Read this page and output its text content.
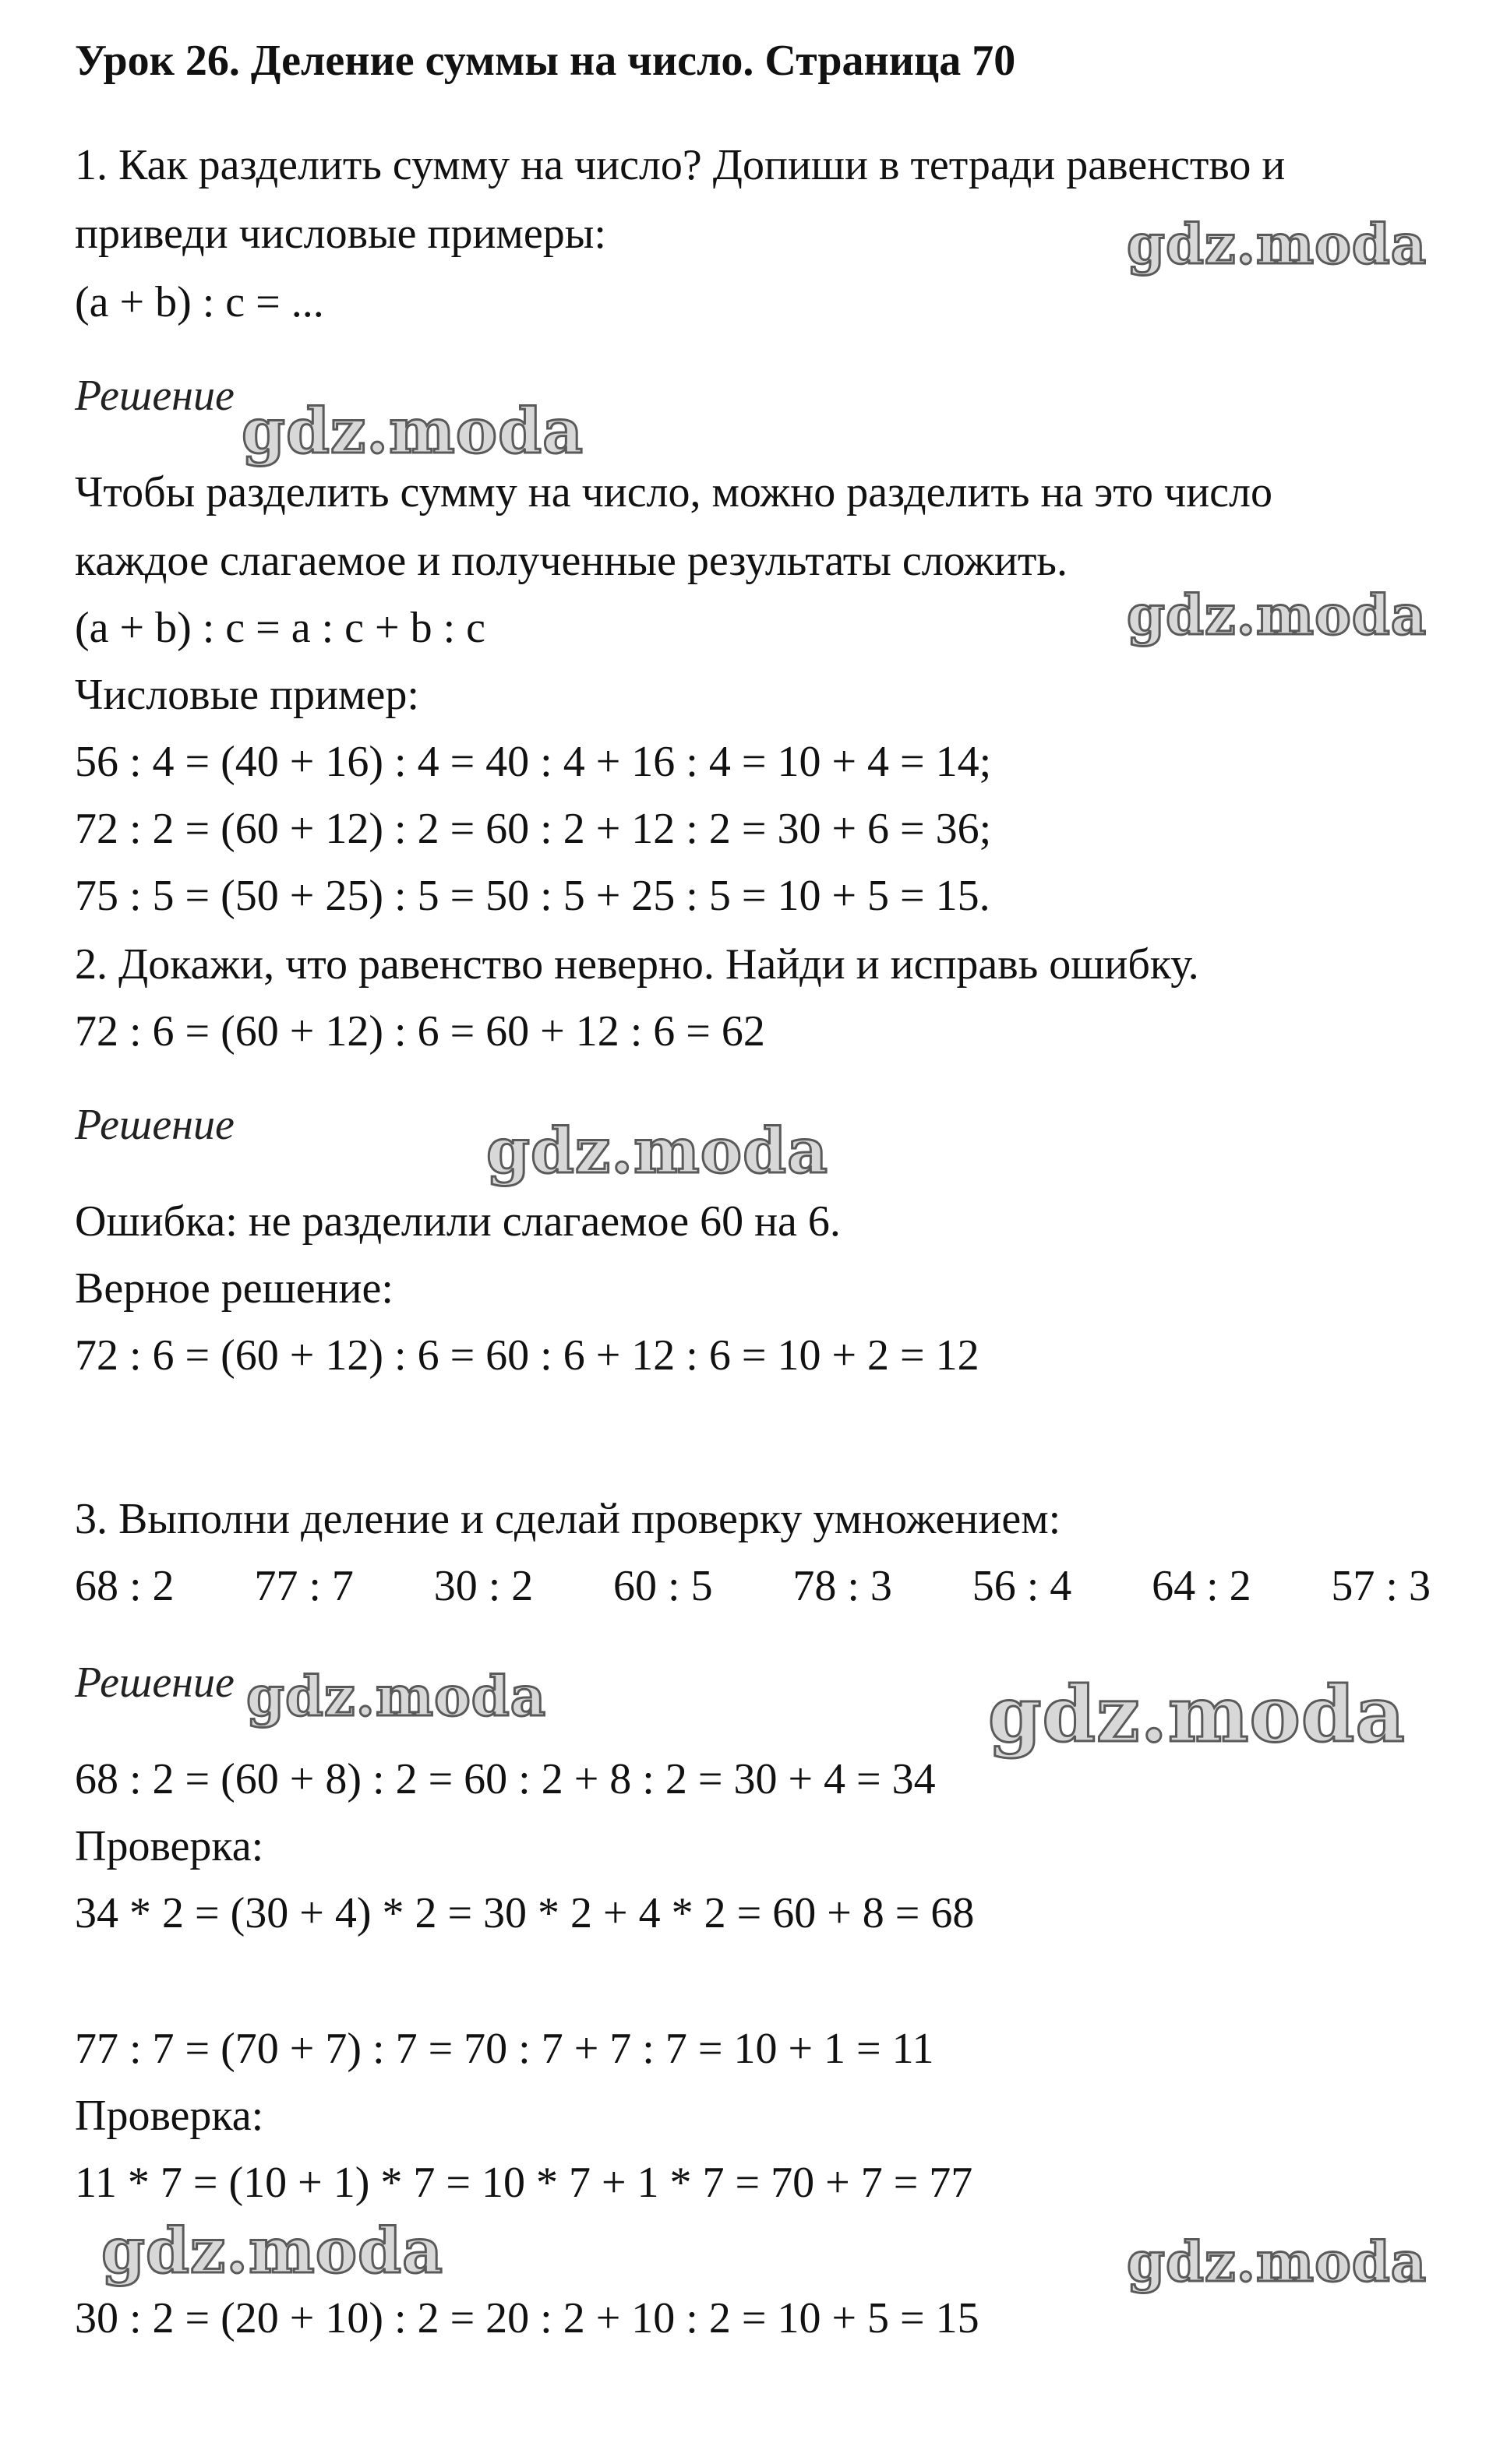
Урок 26. Деление суммы на число. Страница 70
1. Как разделить сумму на число? Допиши в тетради равенство и
приведи числовые примеры:
(a + b) : c = ...
Решение
Чтобы разделить сумму на число, можно разделить на это число
каждое слагаемое и полученные результаты сложить.
(a + b) : c = a : c + b : c
Числовые пример:
56 : 4 = (40 + 16) : 4 = 40 : 4 + 16 : 4 = 10 + 4 = 14;
72 : 2 = (60 + 12) : 2 = 60 : 2 + 12 : 2 = 30 + 6 = 36;
75 : 5 = (50 + 25) : 5 = 50 : 5 + 25 : 5 = 10 + 5 = 15.
2. Докажи, что равенство неверно. Найди и исправь ошибку.
72 : 6 = (60 + 12) : 6 = 60 + 12 : 6 = 62
Решение
Ошибка: не разделили слагаемое 60 на 6.
Верное решение:
72 : 6 = (60 + 12) : 6 = 60 : 6 + 12 : 6 = 10 + 2 = 12
3. Выполни деление и сделай проверку умножением:
68 : 2 77 : 7 30 : 2 60 : 5 78 : 3 56 : 4 64 : 2 57 : 3
Решение
68 : 2 = (60 + 8) : 2 = 60 : 2 + 8 : 2 = 30 + 4 = 34
Проверка:
34 * 2 = (30 + 4) * 2 = 30 * 2 + 4 * 2 = 60 + 8 = 68
77 : 7 = (70 + 7) : 7 = 70 : 7 + 7 : 7 = 10 + 1 = 11
Проверка:
11 * 7 = (10 + 1) * 7 = 10 * 7 + 1 * 7 = 70 + 7 = 77
30 : 2 = (20 + 10) : 2 = 20 : 2 + 10 : 2 = 10 + 5 = 15
gdz.moda
gdz.moda
gdz.moda
gdz.moda
gdz.moda	gdz.moda
gdz.moda	gdz.moda
